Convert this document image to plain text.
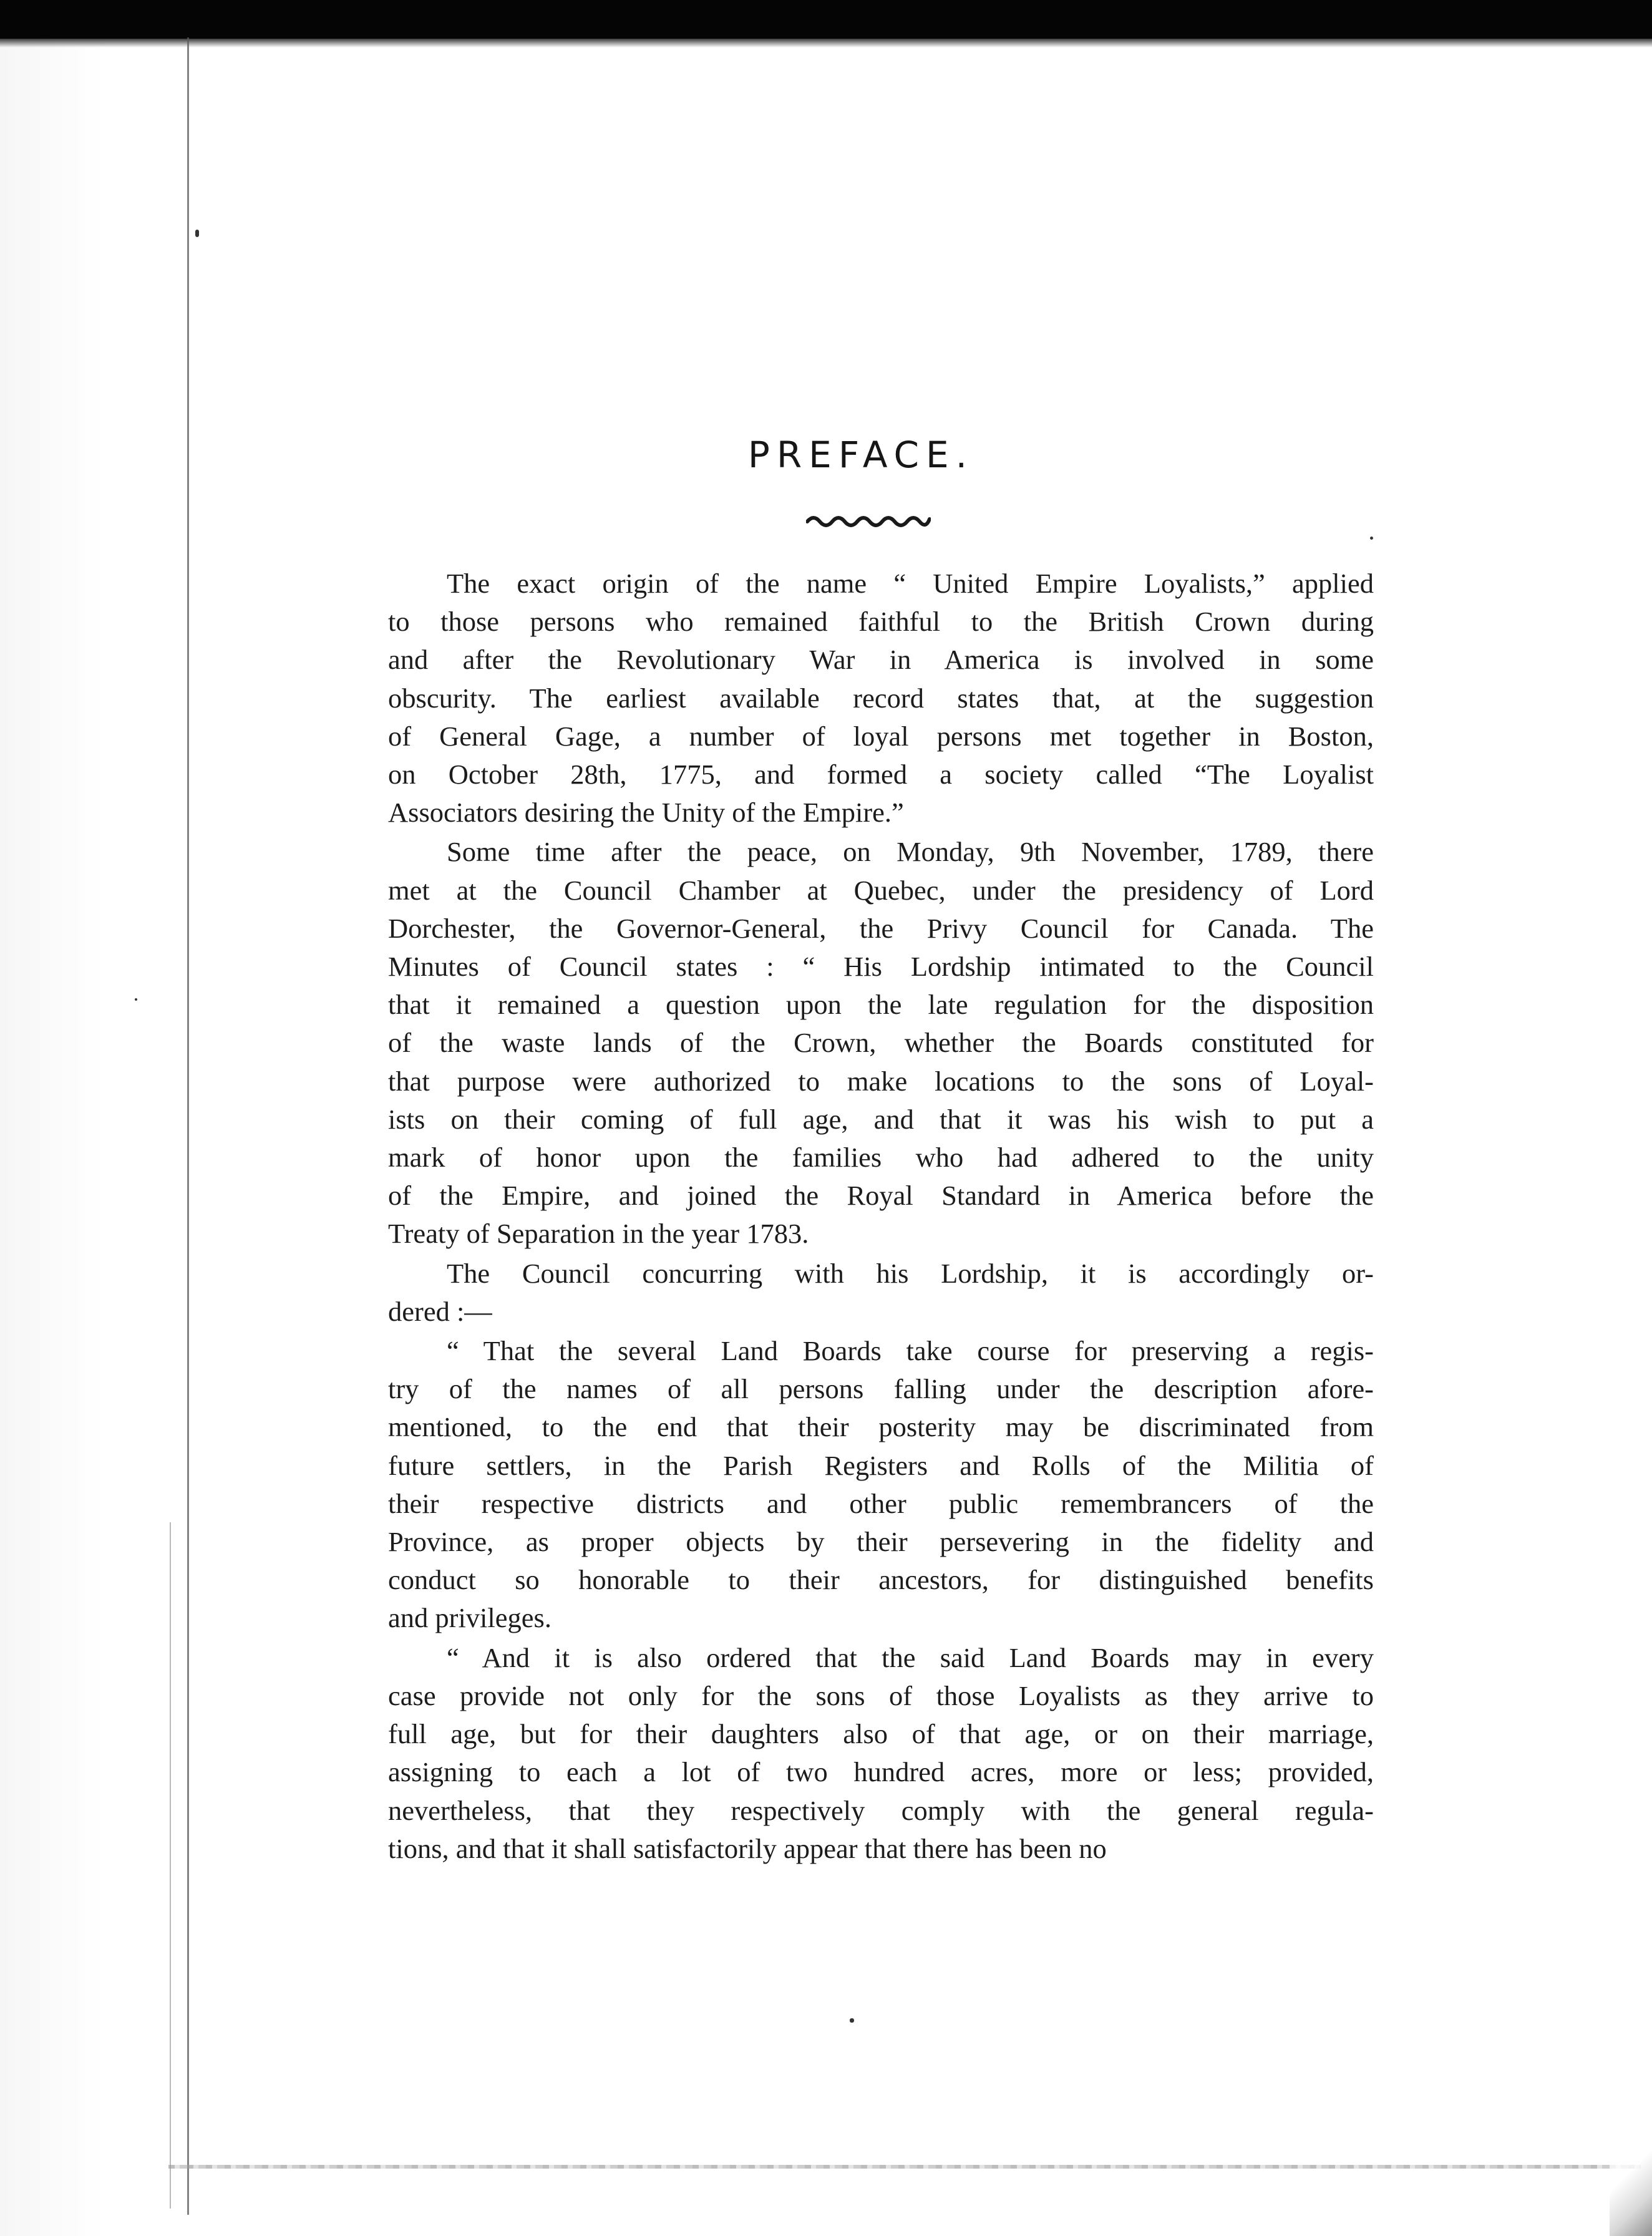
PREFACE.
The exact origin of the name “ United Empire Loyalists,” applied
to those persons who remained faithful to the British Crown during
and after the Revolutionary War in America is involved in some
obscurity. The earliest available record states that, at the suggestion
of General Gage, a number of loyal persons met together in Boston,
on October 28th, 1775, and formed a society called “The Loyalist
Associators desiring the Unity of the Empire.”
Some time after the peace, on Monday, 9th November, 1789, there
met at the Council Chamber at Quebec, under the presidency of Lord
Dorchester, the Governor-General, the Privy Council for Canada. The
Minutes of Council states : “ His Lordship intimated to the Council
that it remained a question upon the late regulation for the disposition
of the waste lands of the Crown, whether the Boards constituted for
that purpose were authorized to make locations to the sons of Loyal-
ists on their coming of full age, and that it was his wish to put a
mark of honor upon the families who had adhered to the unity
of the Empire, and joined the Royal Standard in America before the
Treaty of Separation in the year 1783.
The Council concurring with his Lordship, it is accordingly or-
dered :—
“ That the several Land Boards take course for preserving a regis-
try of the names of all persons falling under the description afore-
mentioned, to the end that their posterity may be discriminated from
future settlers, in the Parish Registers and Rolls of the Militia of
their respective districts and other public remembrancers of the
Province, as proper objects by their persevering in the fidelity and
conduct so honorable to their ancestors, for distinguished benefits
and privileges.
“ And it is also ordered that the said Land Boards may in every
case provide not only for the sons of those Loyalists as they arrive to
full age, but for their daughters also of that age, or on their marriage,
assigning to each a lot of two hundred acres, more or less; provided,
nevertheless, that they respectively comply with the general regula-
tions, and that it shall satisfactorily appear that there has been no
